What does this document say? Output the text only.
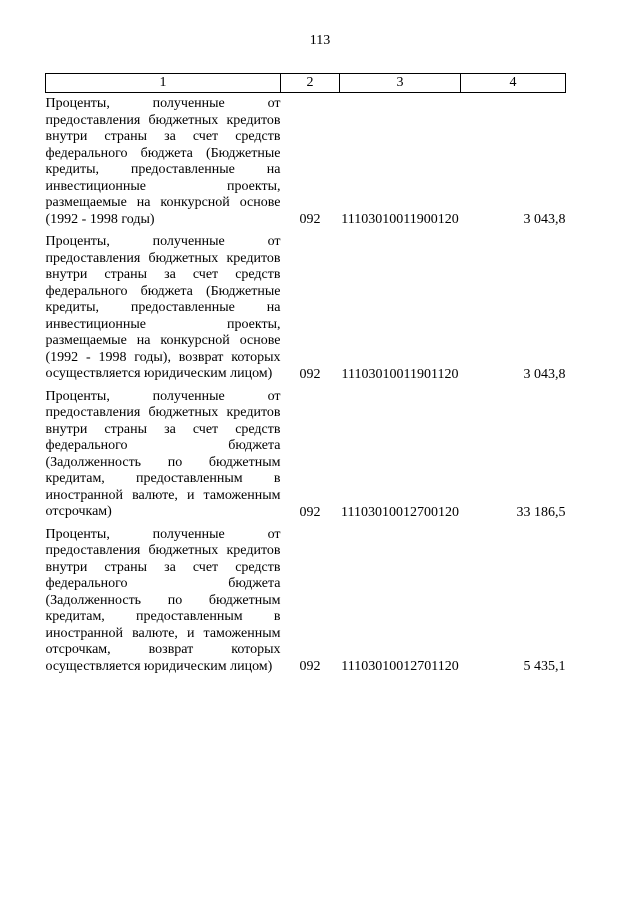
113
1	2	3	4

Проценты, полученные от предоставления бюджетных кредитов внутри страны за счет средств федерального бюджета (Бюджетные кредиты, предоставленные на инвестиционные проекты, размещаемые на конкурсной основе (1992 - 1998 годы)	092	11103010011900120	3 043,8

Проценты, полученные от предоставления бюджетных кредитов внутри страны за счет средств федерального бюджета (Бюджетные кредиты, предоставленные на инвестиционные проекты, размещаемые на конкурсной основе (1992 - 1998 годы), возврат которых осуществляется юридическим лицом)	092	11103010011901120	3 043,8

Проценты, полученные от предоставления бюджетных кредитов внутри страны за счет средств федерального бюджета (Задолженность по бюджетным кредитам, предоставленным в иностранной валюте, и таможенным отсрочкам)	092	11103010012700120	33 186,5

Проценты, полученные от предоставления бюджетных кредитов внутри страны за счет средств федерального бюджета (Задолженность по бюджетным кредитам, предоставленным в иностранной валюте, и таможенным отсрочкам, возврат которых осуществляется юридическим лицом)	092	11103010012701120	5 435,1
